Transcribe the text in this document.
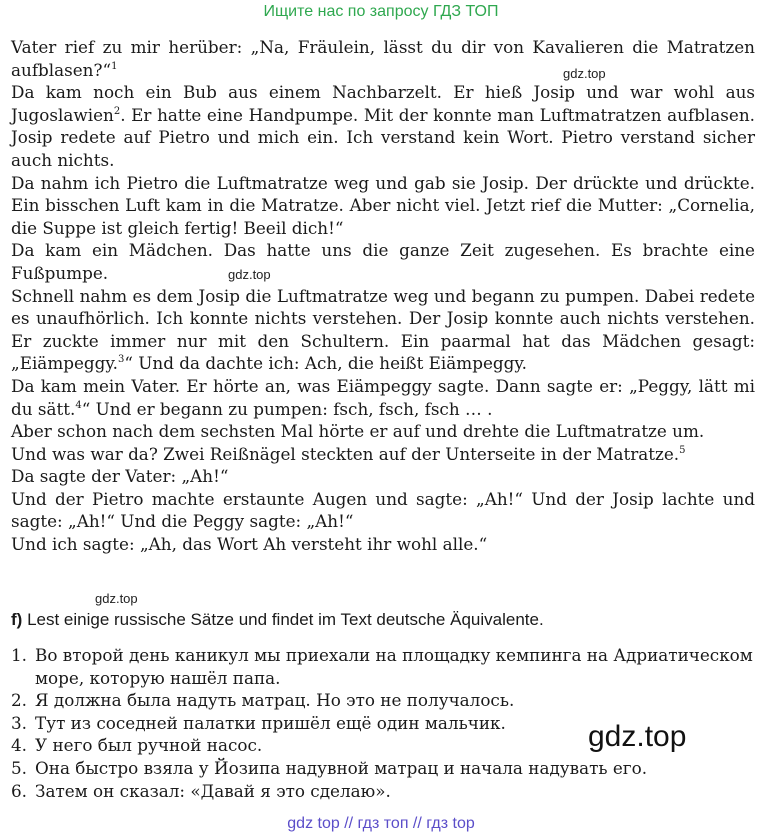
Ищите нас по запросу ГДЗ ТОП

Vater rief zu mir herüber: „Na, Fräulein, lässt du dir von Kavalieren die Matratzen aufblasen?“$^1$

Da kam noch ein Bub aus einem Nachbarzelt. Er hieß Josip und war wohl aus Jugoslawien$^2$. Er hatte eine Handpumpe. Mit der konnte man Luftmatratzen aufblasen. Josip redete auf Pietro und mich ein. Ich verstand kein Wort. Pietro verstand sicher auch nichts.

Da nahm ich Pietro die Luftmatratze weg und gab sie Josip. Der drückte und drückte. Ein bisschen Luft kam in die Matratze. Aber nicht viel. Jetzt rief die Mutter: „Cornelia, die Suppe ist gleich fertig! Beeil dich!“

Da kam ein Mädchen. Das hatte uns die ganze Zeit zugesehen. Es brachte eine Fußpumpe.

Schnell nahm es dem Josip die Luftmatratze weg und begann zu pumpen. Dabei redete es unaufhörlich. Ich konnte nichts verstehen. Der Josip konnte auch nichts verstehen. Er zuckte immer nur mit den Schultern. Ein paarmal hat das Mädchen gesagt: „Eiämpeggy.$^3$“ Und da dachte ich: Ach, die heißt Eiämpeggy.

Da kam mein Vater. Er hörte an, was Eiämpeggy sagte. Dann sagte er: „Peggy, lätt mi du sätt.$^4$“ Und er begann zu pumpen: fsch, fsch, fsch … .

Aber schon nach dem sechsten Mal hörte er auf und drehte die Luftmatratze um.

Und was war da? Zwei Reißnägel steckten auf der Unterseite in der Matratze.$^5$

Da sagte der Vater: „Ah!“

Und der Pietro machte erstaunte Augen und sagte: „Ah!“ Und der Josip lachte und sagte: „Ah!“ Und die Peggy sagte: „Ah!“

Und ich sagte: „Ah, das Wort Ah versteht ihr wohl alle.“

gdz.top
gdz.top
gdz.top
f) Lest einige russische Sätze und findet im Text deutsche Äquivalente.
1. Во второй день каникул мы приехали на площадку кемпинга на Адриатическом море, которую нашёл папа.
2. Я должна была надуть матрац. Но это не получалось.
3. Тут из соседней палатки пришёл ещё один мальчик.
4. У него был ручной насос.
5. Она быстро взяла у Йозипа надувной матрац и начала надувать его.
6. Затем он сказал: «Давай я это сделаю».
gdz.top
gdz top // гдз топ // гдз top
